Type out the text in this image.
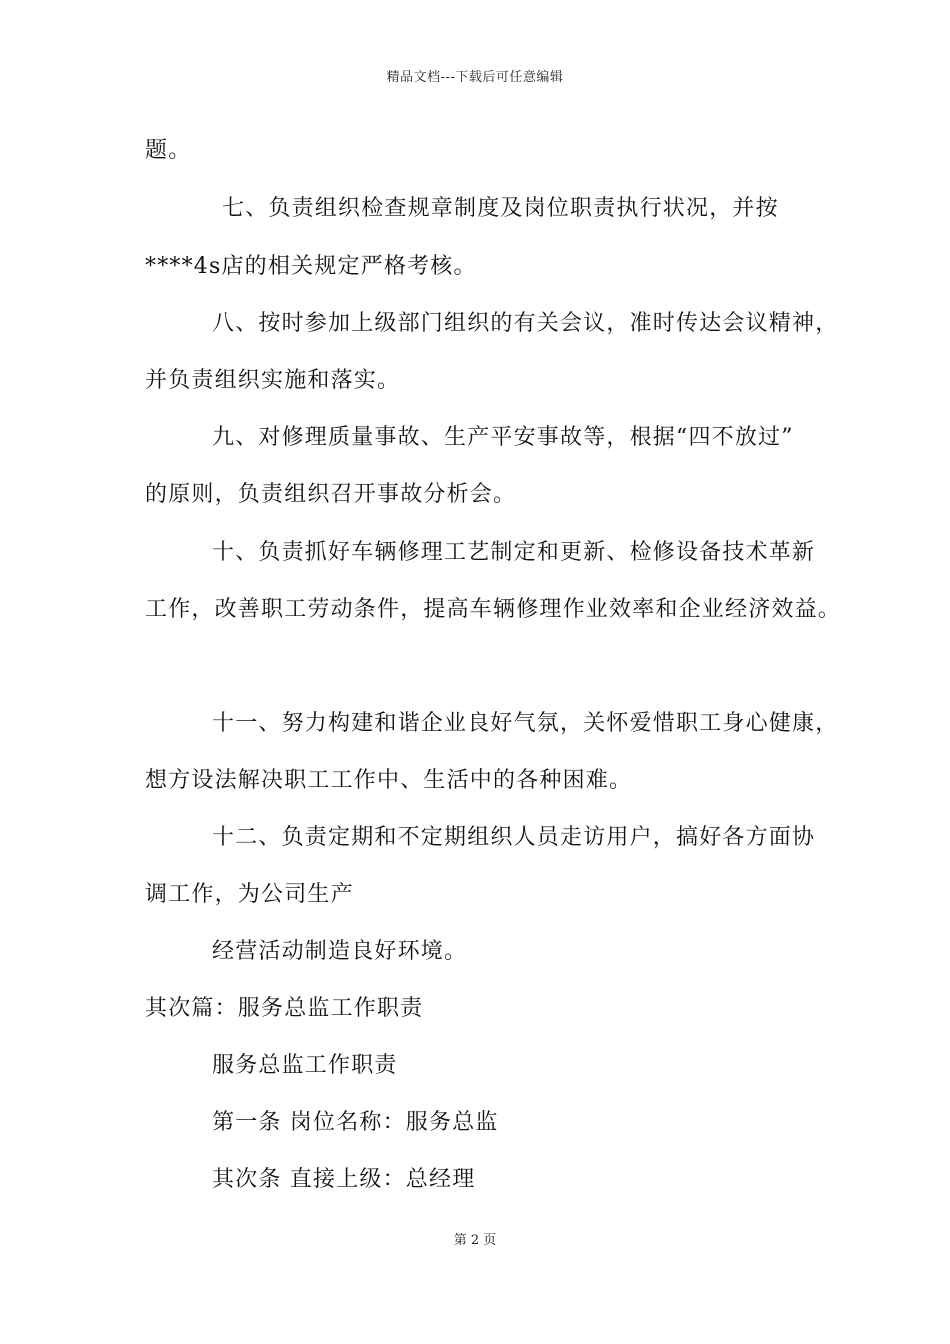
精品文档---下载后可任意编辑
题。
七、负责组织检查规章制度及岗位职责执行状况，并按
****4s店的相关规定严格考核。
八、按时参加上级部门组织的有关会议，准时传达会议精神，
并负责组织实施和落实。
九、对修理质量事故、生产平安事故等，根据“四不放过”
的原则，负责组织召开事故分析会。
十、负责抓好车辆修理工艺制定和更新、检修设备技术革新
工作，改善职工劳动条件，提高车辆修理作业效率和企业经济效益。
十一、努力构建和谐企业良好气氛，关怀爱惜职工身心健康，
想方设法解决职工工作中、生活中的各种困难。
十二、负责定期和不定期组织人员走访用户，搞好各方面协
调工作，为公司生产
经营活动制造良好环境。
其次篇：服务总监工作职责
服务总监工作职责
第一条 岗位名称：服务总监
其次条 直接上级：总经理
第 2 页
